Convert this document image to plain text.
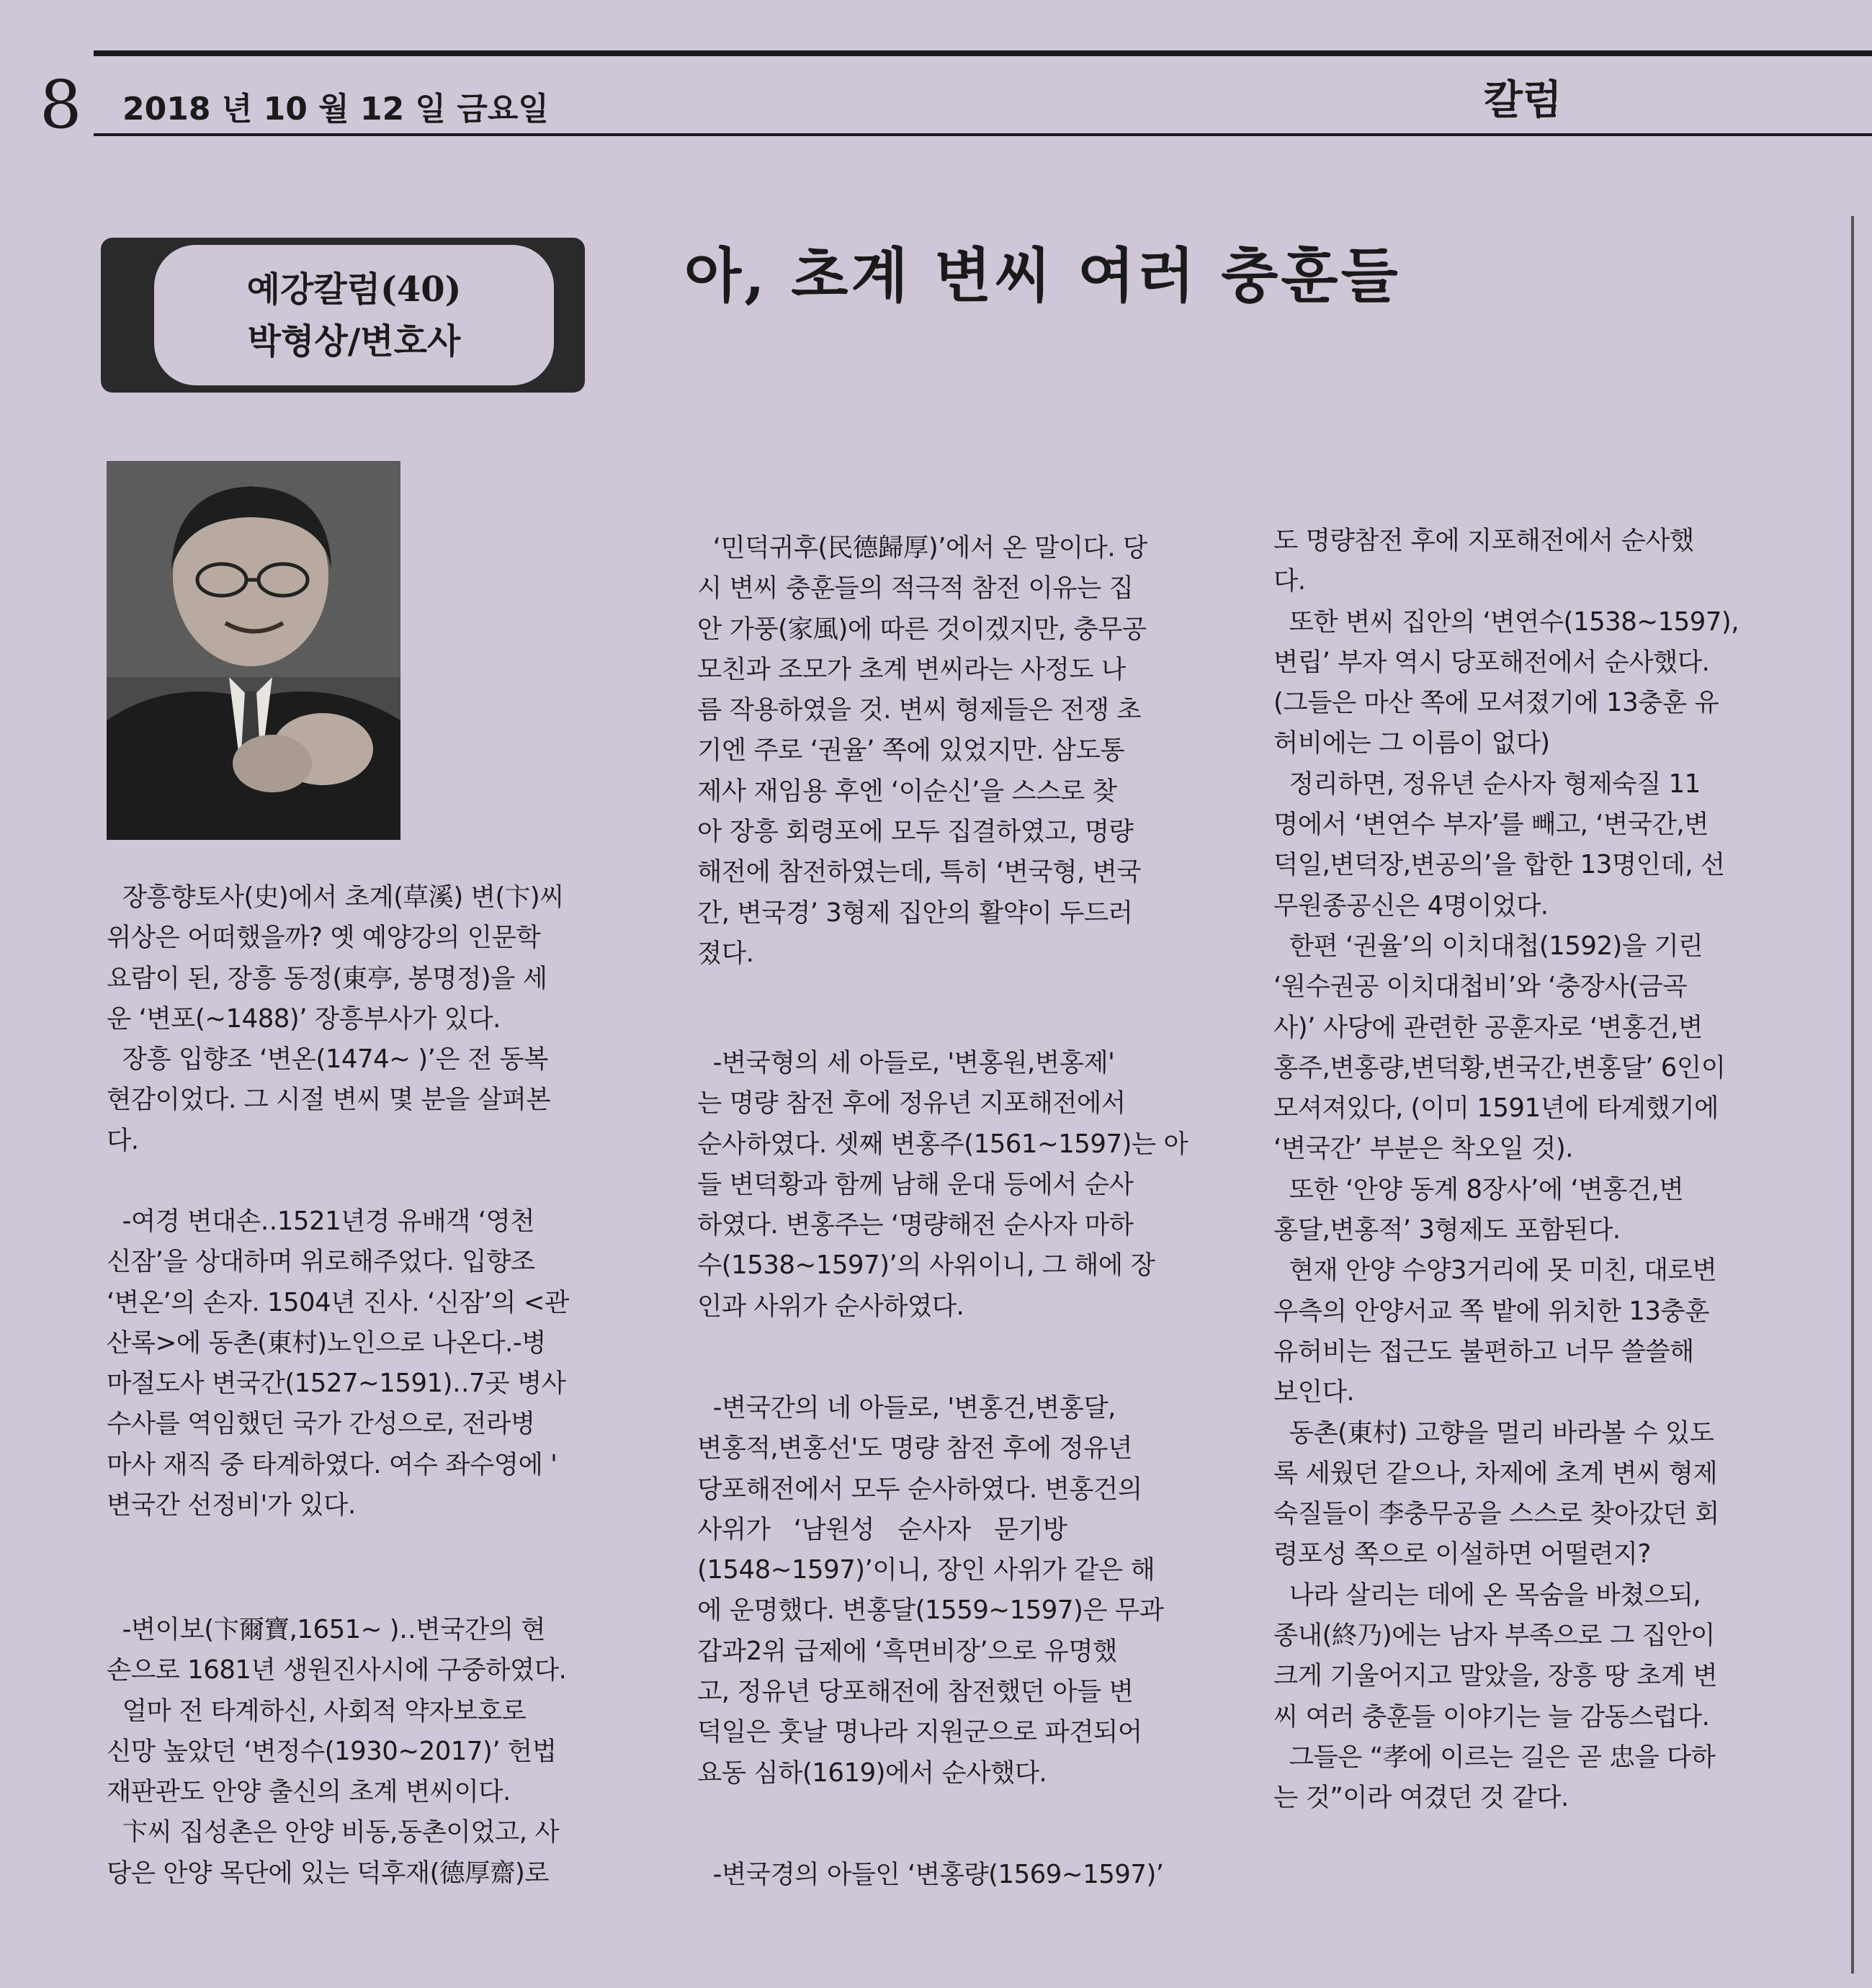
8 2018 년 10 월 12 일 금요일	칼럼
예강칼럼(40)
박형상/변호사
아, 초계 변씨 여러 충훈들
장흥향토사(史)에서 초계(草溪) 변(卞)씨
위상은 어떠했을까? 옛 예양강의 인문학
요람이 된, 장흥 동정(東亭, 봉명정)을 세
운 ‘변포(~1488)’ 장흥부사가 있다.
장흥 입향조 ‘변온(1474~ )’은 전 동복
현감이었다. 그 시절 변씨 몇 분을 살펴본
다.
-여경 변대손‥1521년경 유배객 ‘영천
신잠’을 상대하며 위로해주었다. 입향조
‘변온’의 손자. 1504년 진사. ‘신잠’의 <관
산록>에 동촌(東村)노인으로 나온다.-병
마절도사 변국간(1527~1591)‥7곳 병사
수사를 역임했던 국가 간성으로, 전라병
마사 재직 중 타계하였다. 여수 좌수영에 '
변국간 선정비'가 있다.
-변이보(卞爾寶,1651~ )‥변국간의 현
손으로 1681년 생원진사시에 구중하였다.
얼마 전 타계하신, 사회적 약자보호로
신망 높았던 ‘변정수(1930~2017)’ 헌법
재판관도 안양 출신의 초계 변씨이다.
卞씨 집성촌은 안양 비동,동촌이었고, 사
당은 안양 목단에 있는 덕후재(德厚齋)로
‘민덕귀후(民德歸厚)’에서 온 말이다. 당
시 변씨 충훈들의 적극적 참전 이유는 집
안 가풍(家風)에 따른 것이겠지만, 충무공
모친과 조모가 초계 변씨라는 사정도 나
름 작용하였을 것. 변씨 형제들은 전쟁 초
기엔 주로 ‘권율’ 쪽에 있었지만. 삼도통
제사 재임용 후엔 ‘이순신’을 스스로 찾
아 장흥 회령포에 모두 집결하였고, 명량
해전에 참전하였는데, 특히 ‘변국형, 변국
간, 변국경’ 3형제 집안의 활약이 두드러
졌다.
-변국형의 세 아들로, '변홍원,변홍제'
는 명량 참전 후에 정유년 지포해전에서
순사하였다. 셋째 변홍주(1561~1597)는 아
들 변덕황과 함께 남해 운대 등에서 순사
하였다. 변홍주는 ‘명량해전 순사자 마하
수(1538~1597)’의 사위이니, 그 해에 장
인과 사위가 순사하였다.
-변국간의 네 아들로, '변홍건,변홍달,
변홍적,변홍선'도 명량 참전 후에 정유년
당포해전에서 모두 순사하였다. 변홍건의
사위가   ‘남원성   순사자   문기방
(1548~1597)’이니, 장인 사위가 같은 해
에 운명했다. 변홍달(1559~1597)은 무과
갑과2위 급제에 ‘흑면비장’으로 유명했
고, 정유년 당포해전에 참전했던 아들 변
덕일은 훗날 명나라 지원군으로 파견되어
요동 심하(1619)에서 순사했다.
-변국경의 아들인 ‘변홍량(1569~1597)’
도 명량참전 후에 지포해전에서 순사했
다.
또한 변씨 집안의 ‘변연수(1538~1597),
변립’ 부자 역시 당포해전에서 순사했다.
(그들은 마산 쪽에 모셔졌기에 13충훈 유
허비에는 그 이름이 없다)
정리하면, 정유년 순사자 형제숙질 11
명에서 ‘변연수 부자’를 빼고, ‘변국간,변
덕일,변덕장,변공의’을 합한 13명인데, 선
무원종공신은 4명이었다.
한편 ‘권율’의 이치대첩(1592)을 기린
‘원수권공 이치대첩비’와 ‘충장사(금곡
사)’ 사당에 관련한 공훈자로 ‘변홍건,변
홍주,변홍량,변덕황,변국간,변홍달’ 6인이
모셔져있다, (이미 1591년에 타계했기에
‘변국간’ 부분은 착오일 것).
또한 ‘안양 동계 8장사’에 ‘변홍건,변
홍달,변홍적’ 3형제도 포함된다.
현재 안양 수양3거리에 못 미친, 대로변
우측의 안양서교 쪽 밭에 위치한 13충훈
유허비는 접근도 불편하고 너무 쓸쓸해
보인다.
동촌(東村) 고향을 멀리 바라볼 수 있도
록 세웠던 같으나, 차제에 초계 변씨 형제
숙질들이 李충무공을 스스로 찾아갔던 회
령포성 쪽으로 이설하면 어떨련지?
나라 살리는 데에 온 목숨을 바쳤으되,
종내(終乃)에는 남자 부족으로 그 집안이
크게 기울어지고 말았을, 장흥 땅 초계 변
씨 여러 충훈들 이야기는 늘 감동스럽다.
그들은 “孝에 이르는 길은 곧 忠을 다하
는 것”이라 여겼던 것 같다.
